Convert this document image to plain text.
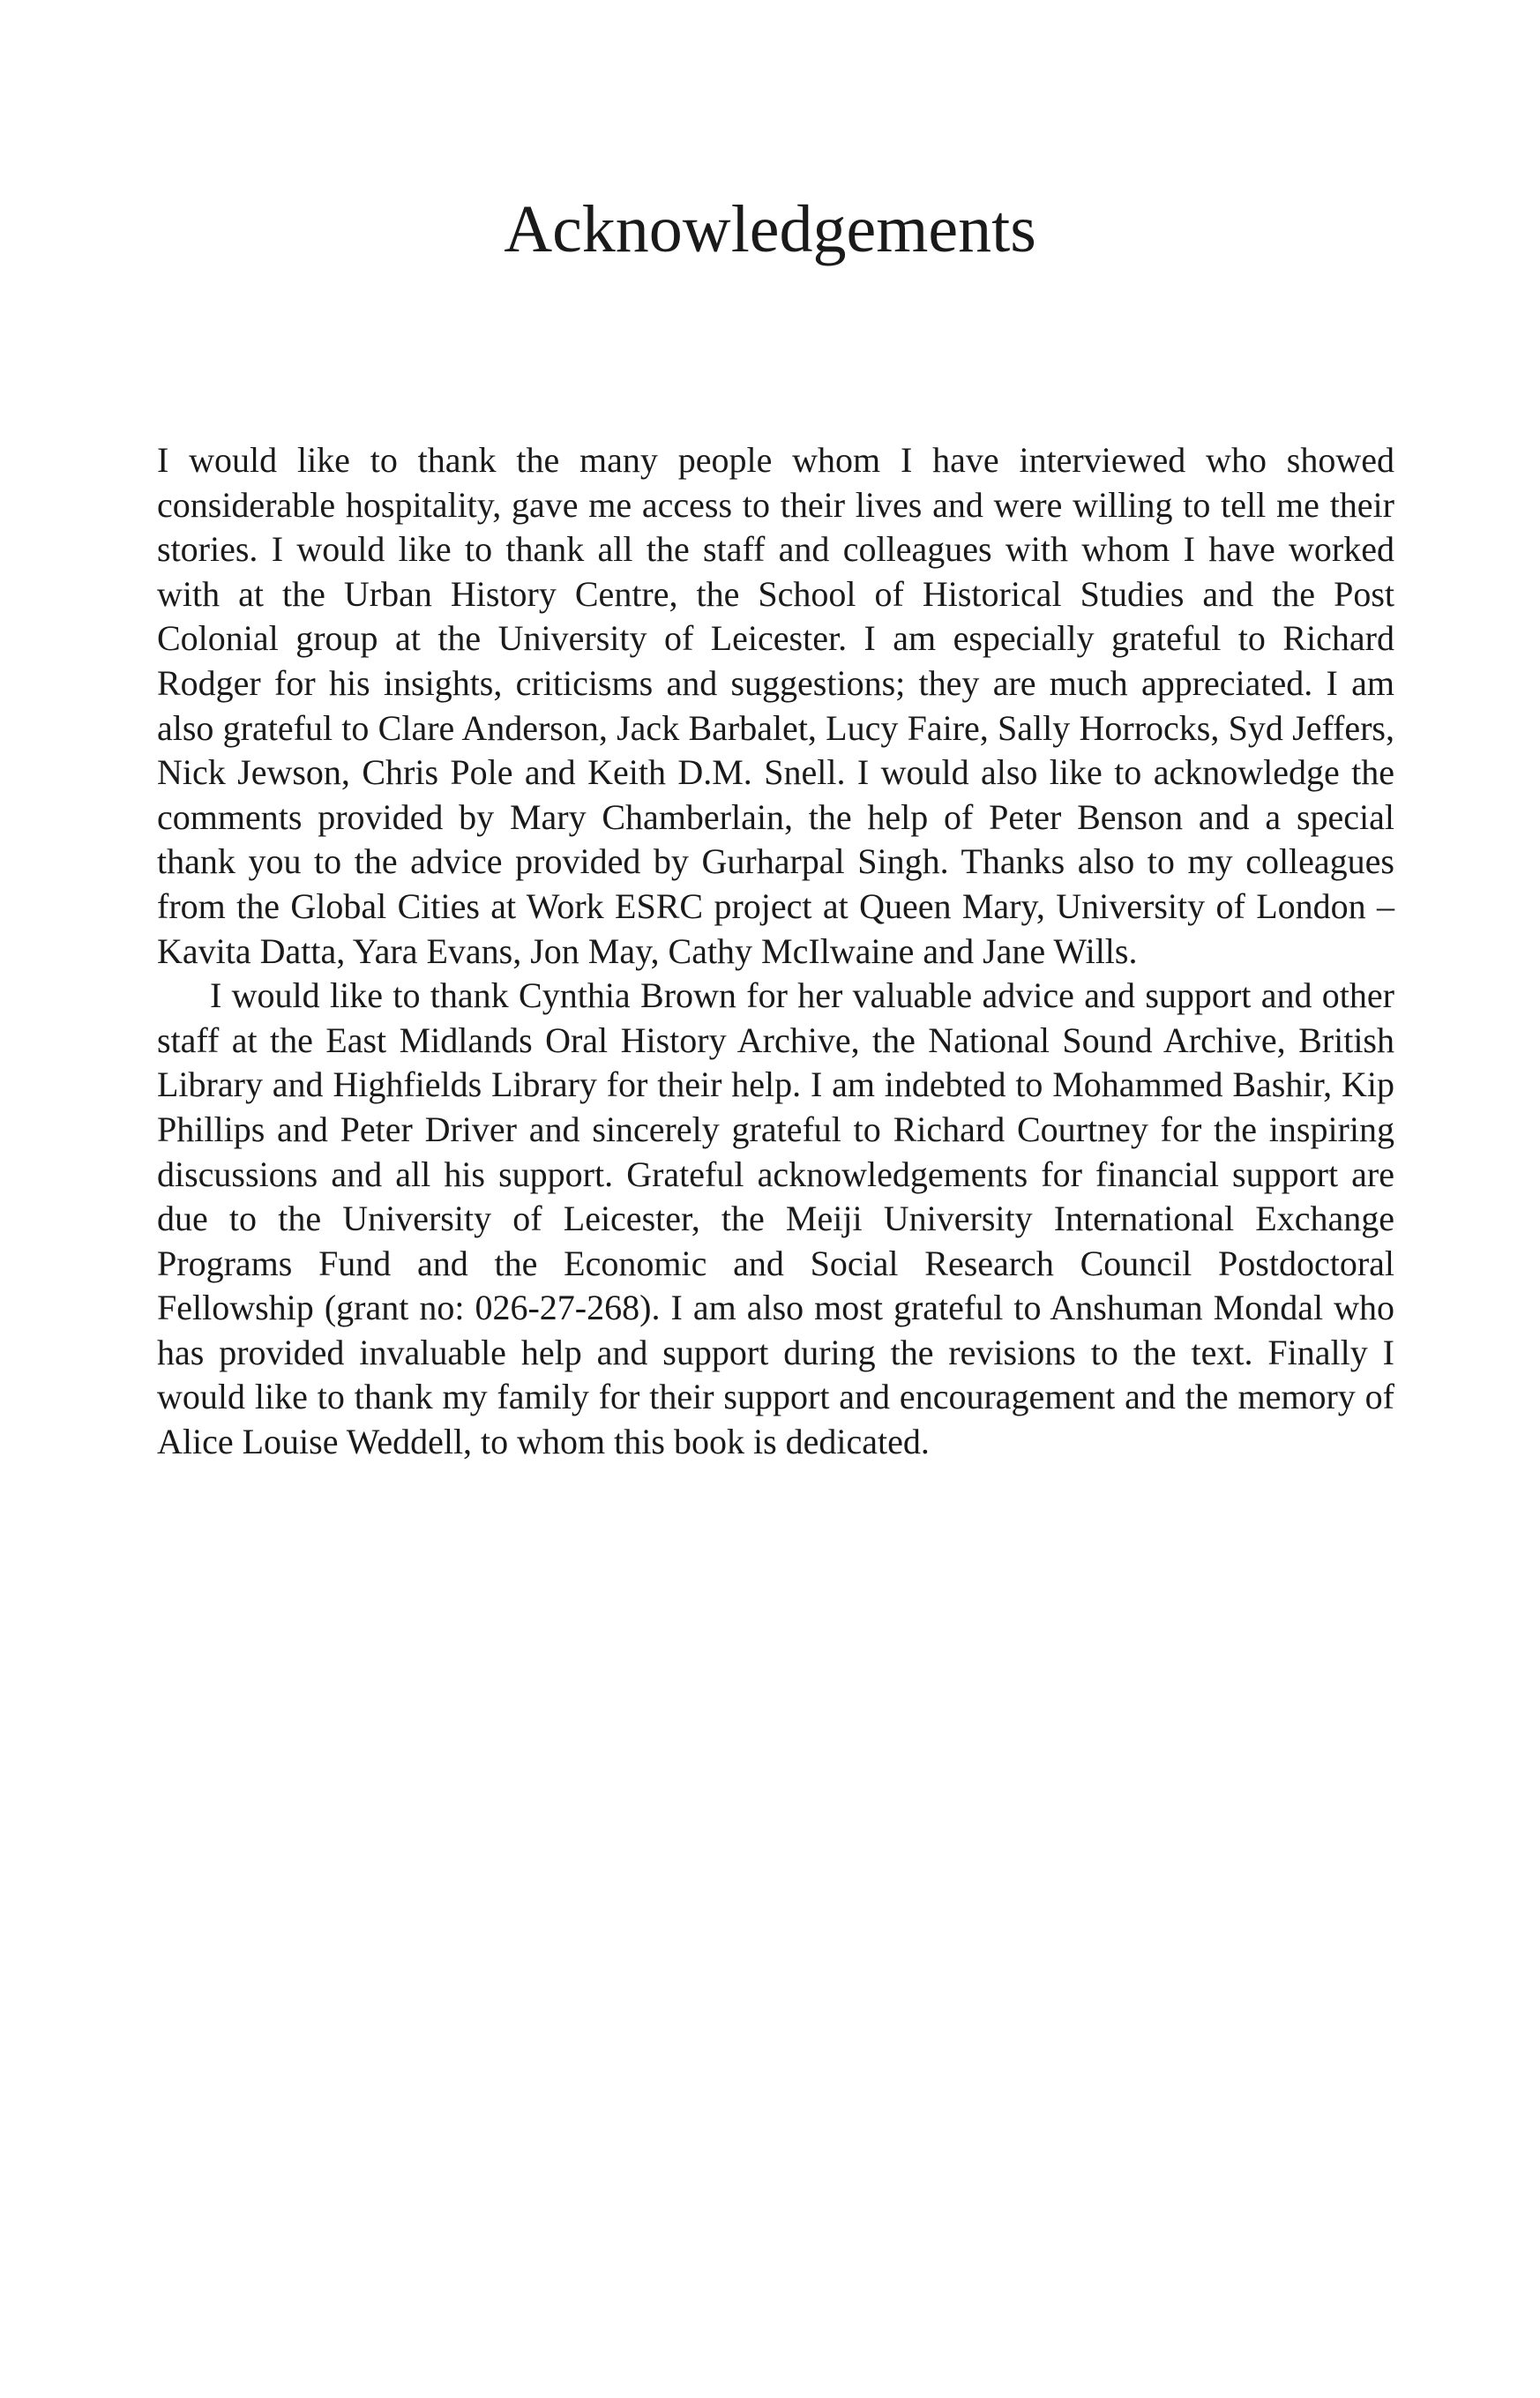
Acknowledgements

I would like to thank the many people whom I have interviewed who showed considerable hospitality, gave me access to their lives and were willing to tell me their stories. I would like to thank all the staff and colleagues with whom I have worked with at the Urban History Centre, the School of Historical Studies and the Post Colonial group at the University of Leicester. I am especially grateful to Richard Rodger for his insights, criticisms and suggestions; they are much appreciated. I am also grateful to Clare Anderson, Jack Barbalet, Lucy Faire, Sally Horrocks, Syd Jeffers, Nick Jewson, Chris Pole and Keith D.M. Snell. I would also like to acknowledge the comments provided by Mary Chamberlain, the help of Peter Benson and a special thank you to the advice provided by Gurharpal Singh. Thanks also to my colleagues from the Global Cities at Work ESRC project at Queen Mary, University of London – Kavita Datta, Yara Evans, Jon May, Cathy McIlwaine and Jane Wills.

I would like to thank Cynthia Brown for her valuable advice and support and other staff at the East Midlands Oral History Archive, the National Sound Archive, British Library and Highfields Library for their help. I am indebted to Mohammed Bashir, Kip Phillips and Peter Driver and sincerely grateful to Richard Courtney for the inspiring discussions and all his support. Grateful acknowledgements for financial support are due to the University of Leicester, the Meiji University International Exchange Programs Fund and the Economic and Social Research Council Postdoctoral Fellowship (grant no: 026-27-268). I am also most grateful to Anshuman Mondal who has provided invaluable help and support during the revisions to the text. Finally I would like to thank my family for their support and encouragement and the memory of Alice Louise Weddell, to whom this book is dedicated.
